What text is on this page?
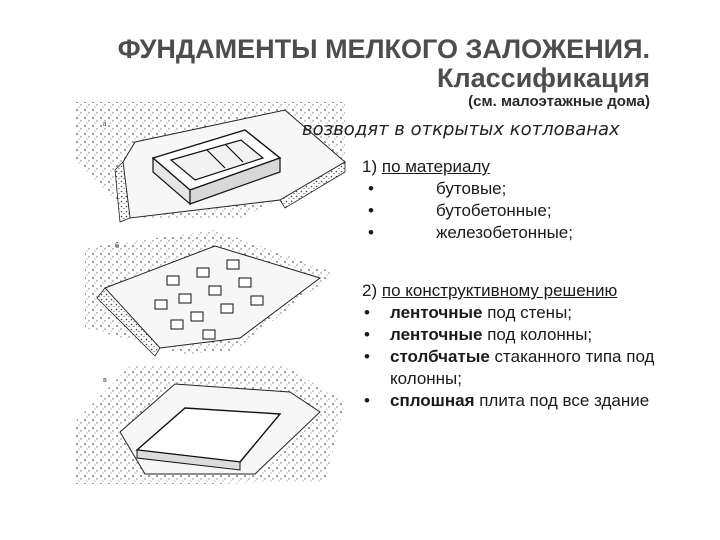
ФУНДАМЕНТЫ МЕЛКОГО ЗАЛОЖЕНИЯ.
Классификация
(см. малоэтажные дома)
а
б
в
возводят в открытых котлованах
1) по материалу
•	бутовые;
•	бутобетонные;
•	железобетонные;
2) по конструктивному решению
•	ленточные под стены;
•	ленточные под колонны;
•	столбчатые стаканного типа под колонны;
•	сплошная плита под все здание
